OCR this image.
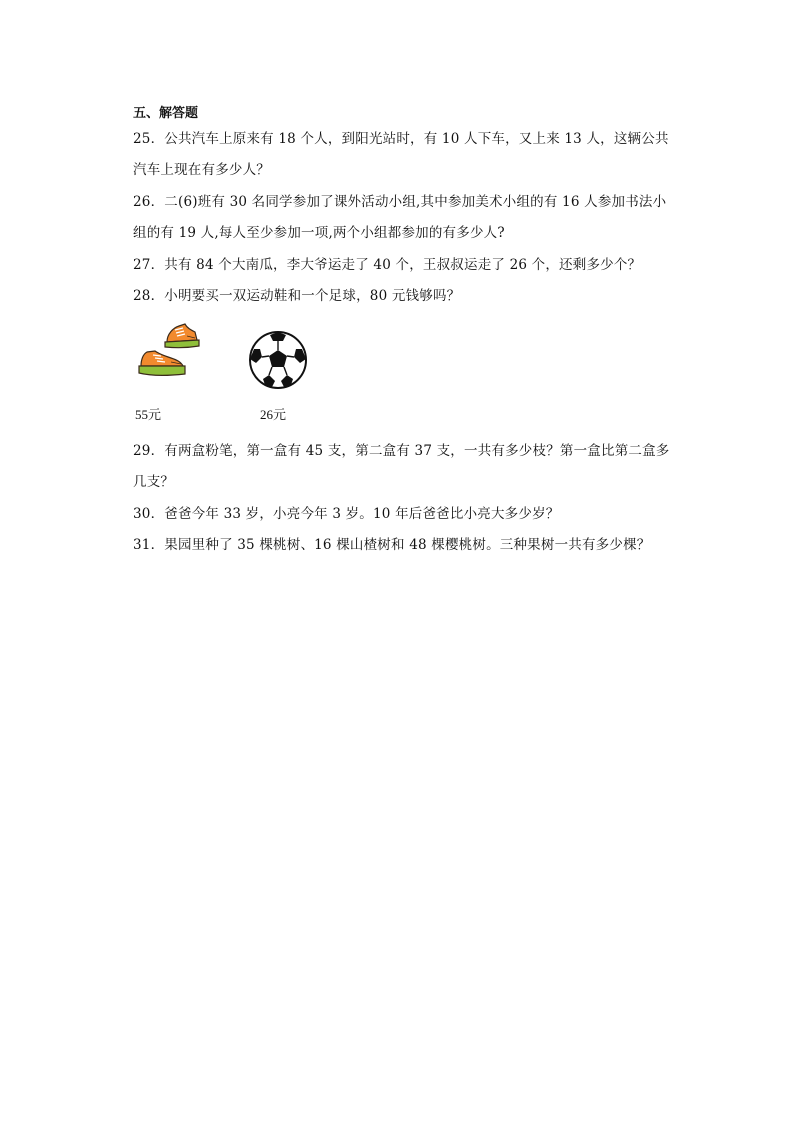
五、解答题
25．公共汽车上原来有 18 个人，到阳光站时，有 10 人下车，又上来 13 人，这辆公共
汽车上现在有多少人？
26．二(6)班有 30 名同学参加了课外活动小组,其中参加美术小组的有 16 人参加书法小
组的有 19 人,每人至少参加一项,两个小组都参加的有多少人?
27．共有 84 个大南瓜，李大爷运走了 40 个，王叔叔运走了 26 个，还剩多少个？
28．小明要买一双运动鞋和一个足球，80 元钱够吗？
55元	26元
29．有两盒粉笔，第一盒有 45 支，第二盒有 37 支，一共有多少枝？第一盒比第二盒多
几支？
30．爸爸今年 33 岁，小亮今年 3 岁。10 年后爸爸比小亮大多少岁？
31．果园里种了 35 棵桃树、16 棵山楂树和 48 棵樱桃树。三种果树一共有多少棵？
